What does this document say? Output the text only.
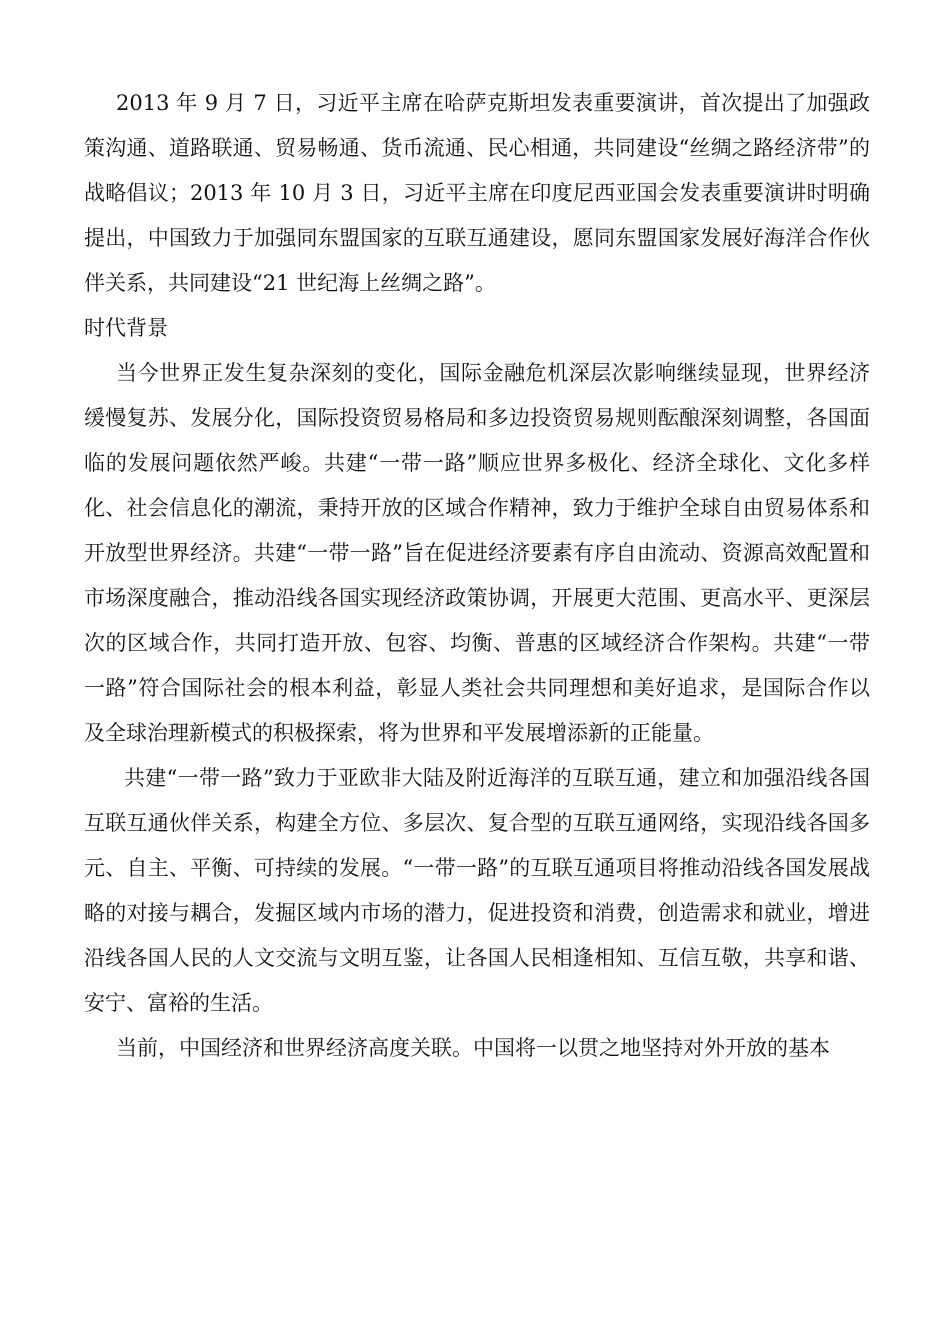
2013 年 9 月 7 日，习近平主席在哈萨克斯坦发表重要演讲，首次提出了加强政策沟通、道路联通、贸易畅通、货币流通、民心相通，共同建设“丝绸之路经济带”的战略倡议；2013 年 10 月 3 日，习近平主席在印度尼西亚国会发表重要演讲时明确提出，中国致力于加强同东盟国家的互联互通建设，愿同东盟国家发展好海洋合作伙伴关系，共同建设“21 世纪海上丝绸之路”。

时代背景

当今世界正发生复杂深刻的变化，国际金融危机深层次影响继续显现，世界经济缓慢复苏、发展分化，国际投资贸易格局和多边投资贸易规则酝酿深刻调整，各国面临的发展问题依然严峻。共建“一带一路”顺应世界多极化、经济全球化、文化多样化、社会信息化的潮流，秉持开放的区域合作精神，致力于维护全球自由贸易体系和开放型世界经济。共建“一带一路”旨在促进经济要素有序自由流动、资源高效配置和市场深度融合，推动沿线各国实现经济政策协调，开展更大范围、更高水平、更深层次的区域合作，共同打造开放、包容、均衡、普惠的区域经济合作架构。共建“一带一路”符合国际社会的根本利益，彰显人类社会共同理想和美好追求，是国际合作以及全球治理新模式的积极探索，将为世界和平发展增添新的正能量。

共建“一带一路”致力于亚欧非大陆及附近海洋的互联互通，建立和加强沿线各国互联互通伙伴关系，构建全方位、多层次、复合型的互联互通网络，实现沿线各国多元、自主、平衡、可持续的发展。“一带一路”的互联互通项目将推动沿线各国发展战略的对接与耦合，发掘区域内市场的潜力，促进投资和消费，创造需求和就业，增进沿线各国人民的人文交流与文明互鉴，让各国人民相逢相知、互信互敬，共享和谐、安宁、富裕的生活。

当前，中国经济和世界经济高度关联。中国将一以贯之地坚持对外开放的基本
